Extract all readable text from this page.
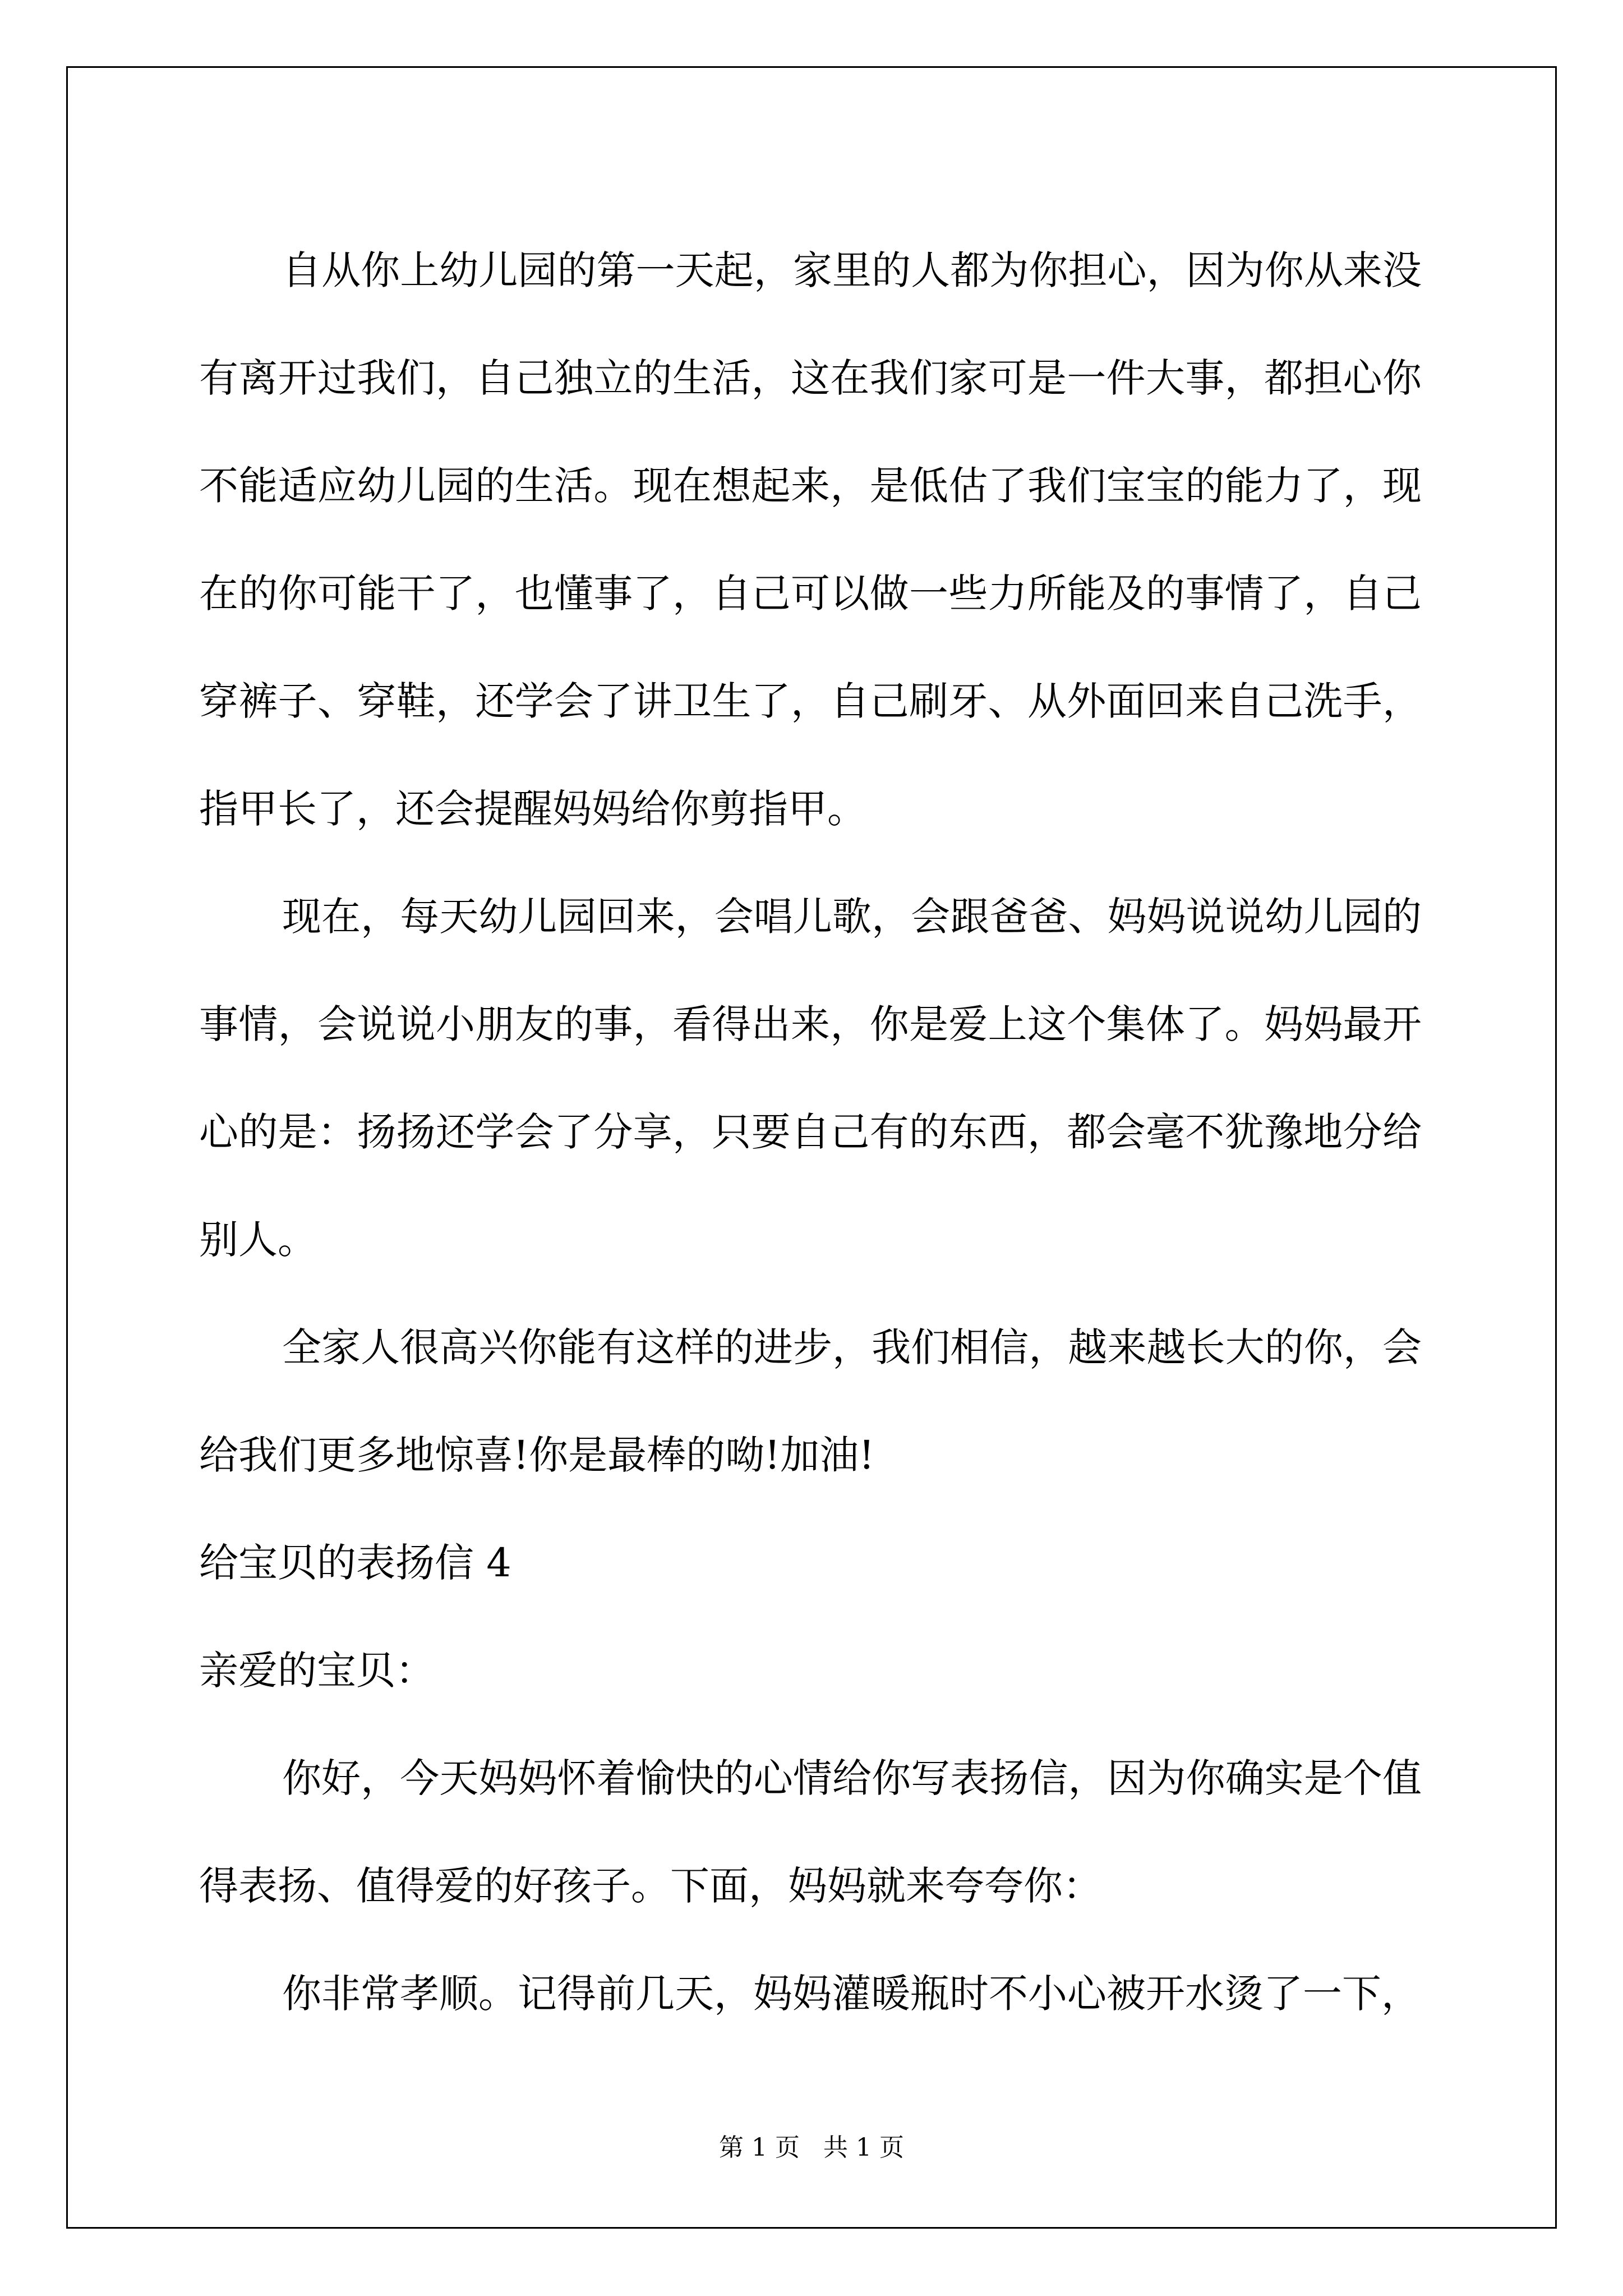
自从你上幼儿园的第一天起，家里的人都为你担心，因为你从来没有离开过我们，自己独立的生活，这在我们家可是一件大事，都担心你不能适应幼儿园的生活。现在想起来，是低估了我们宝宝的能力了，现在的你可能干了，也懂事了，自己可以做一些力所能及的事情了，自己穿裤子、穿鞋，还学会了讲卫生了，自己刷牙、从外面回来自己洗手，指甲长了，还会提醒妈妈给你剪指甲。

现在，每天幼儿园回来，会唱儿歌，会跟爸爸、妈妈说说幼儿园的事情，会说说小朋友的事，看得出来，你是爱上这个集体了。妈妈最开心的是：扬扬还学会了分享，只要自己有的东西，都会毫不犹豫地分给别人。

全家人很高兴你能有这样的进步，我们相信，越来越长大的你，会给我们更多地惊喜!你是最棒的呦!加油!

给宝贝的表扬信 4

亲爱的宝贝：

你好，今天妈妈怀着愉快的心情给你写表扬信，因为你确实是个值得表扬、值得爱的好孩子。下面，妈妈就来夸夸你：

你非常孝顺。记得前几天，妈妈灌暖瓶时不小心被开水烫了一下，

第 1 页   共 1 页
